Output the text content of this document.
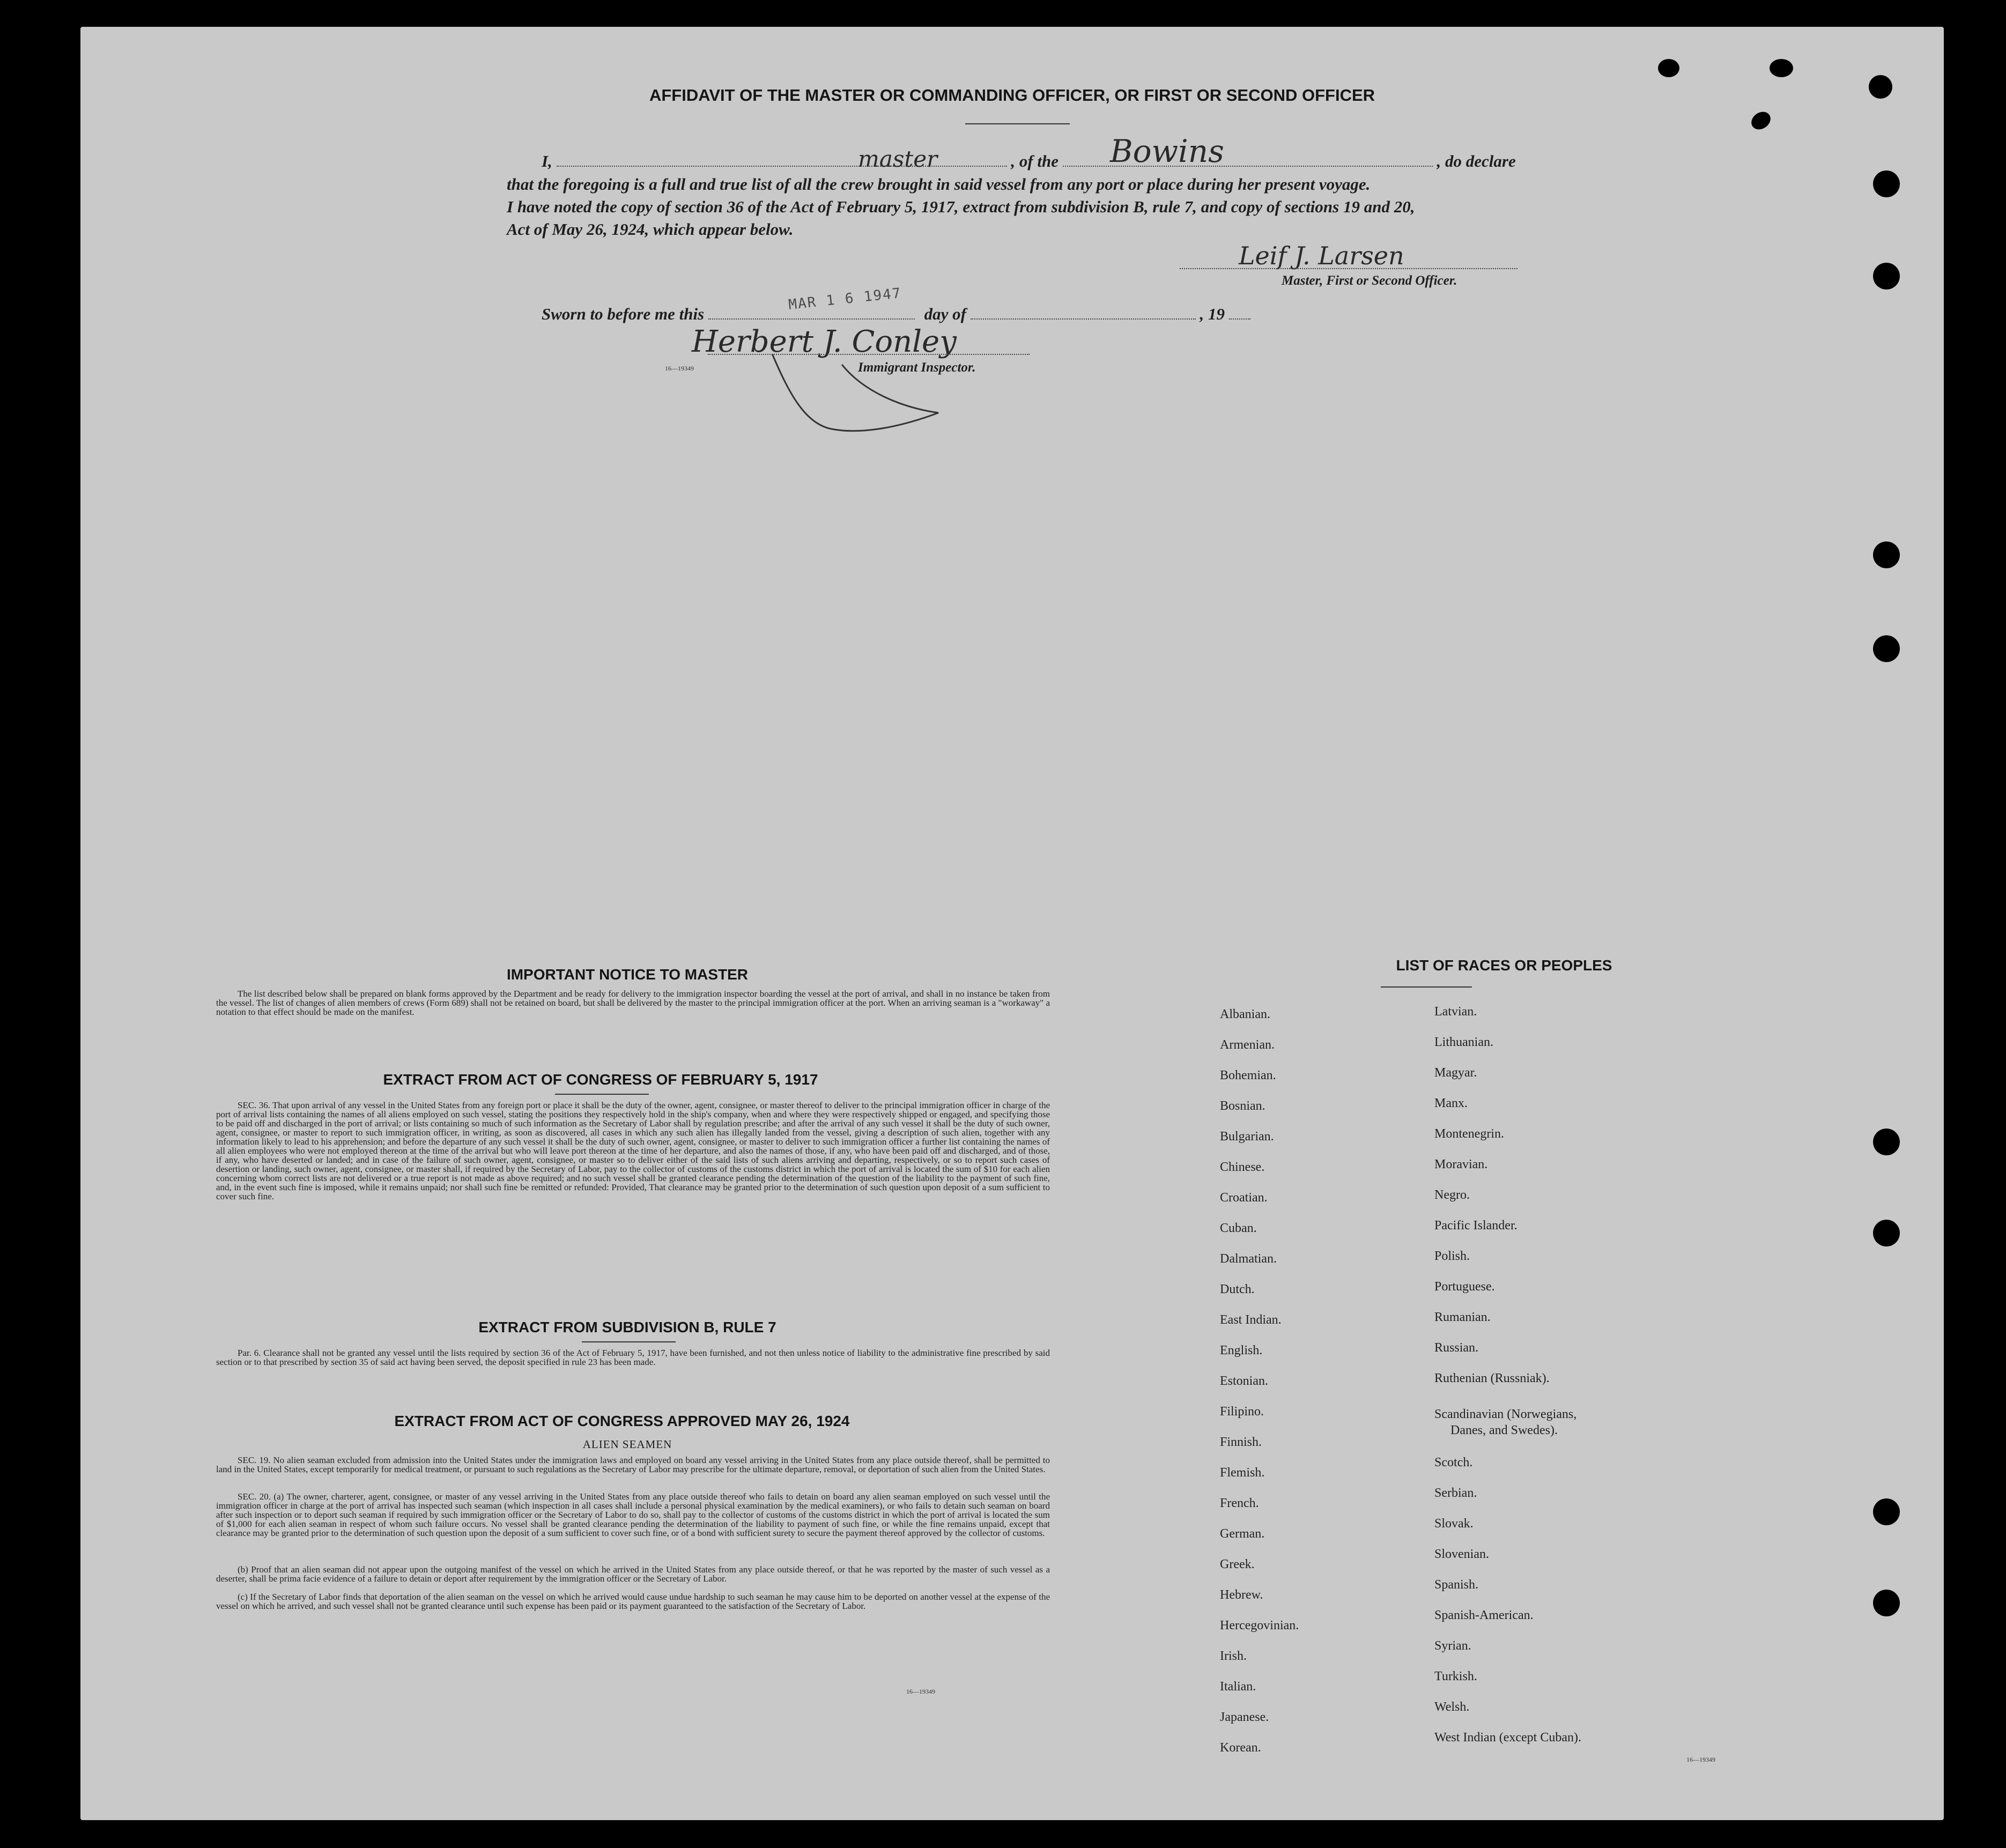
AFFIDAVIT OF THE MASTER OR COMMANDING OFFICER, OR FIRST OR SECOND OFFICER
I,	, of the	, do declare
master	Bowins
that the foregoing is a full and true list of all the crew brought in said vessel from any port or place during her present voyage.
I have noted the copy of section 36 of the Act of February 5, 1917, extract from subdivision B, rule 7, and copy of sections 19 and 20,
Act of May 26, 1924, which appear below.
Leif J. Larsen
Master, First or Second Officer.
Sworn to before me this	day of	, 19
MAR 1 6 1947
Herbert J. Conley
16—19349	Immigrant Inspector.
IMPORTANT NOTICE TO MASTER
The list described below shall be prepared on blank forms approved by the Department and be ready for delivery to the immigration inspector boarding the vessel at the port of arrival, and shall in no instance be taken from the vessel. The list of changes of alien members of crews (Form 689) shall not be retained on board, but shall be delivered by the master to the principal immigration officer at the port. When an arriving seaman is a "workaway" a notation to that effect should be made on the manifest.
EXTRACT FROM ACT OF CONGRESS OF FEBRUARY 5, 1917
SEC. 36. That upon arrival of any vessel in the United States from any foreign port or place it shall be the duty of the owner, agent, consignee, or master thereof to deliver to the principal immigration officer in charge of the port of arrival lists containing the names of all aliens employed on such vessel, stating the positions they respectively hold in the ship's company, when and where they were respectively shipped or engaged, and specifying those to be paid off and discharged in the port of arrival; or lists containing so much of such information as the Secretary of Labor shall by regulation prescribe; and after the arrival of any such vessel it shall be the duty of such owner, agent, consignee, or master to report to such immigration officer, in writing, as soon as discovered, all cases in which any such alien has illegally landed from the vessel, giving a description of such alien, together with any information likely to lead to his apprehension; and before the departure of any such vessel it shall be the duty of such owner, agent, consignee, or master to deliver to such immigration officer a further list containing the names of all alien employees who were not employed thereon at the time of the arrival but who will leave port thereon at the time of her departure, and also the names of those, if any, who have been paid off and discharged, and of those, if any, who have deserted or landed; and in case of the failure of such owner, agent, consignee, or master so to deliver either of the said lists of such aliens arriving and departing, respectively, or so to report such cases of desertion or landing, such owner, agent, consignee, or master shall, if required by the Secretary of Labor, pay to the collector of customs of the customs district in which the port of arrival is located the sum of $10 for each alien concerning whom correct lists are not delivered or a true report is not made as above required; and no such vessel shall be granted clearance pending the determination of the question of the liability to the payment of such fine, and, in the event such fine is imposed, while it remains unpaid; nor shall such fine be remitted or refunded: Provided, That clearance may be granted prior to the determination of such question upon deposit of a sum sufficient to cover such fine.
EXTRACT FROM SUBDIVISION B, RULE 7
Par. 6. Clearance shall not be granted any vessel until the lists required by section 36 of the Act of February 5, 1917, have been furnished, and not then unless notice of liability to the administrative fine prescribed by said section or to that prescribed by section 35 of said act having been served, the deposit specified in rule 23 has been made.
EXTRACT FROM ACT OF CONGRESS APPROVED MAY 26, 1924
ALIEN SEAMEN
SEC. 19. No alien seaman excluded from admission into the United States under the immigration laws and employed on board any vessel arriving in the United States from any place outside thereof, shall be permitted to land in the United States, except temporarily for medical treatment, or pursuant to such regulations as the Secretary of Labor may prescribe for the ultimate departure, removal, or deportation of such alien from the United States.
SEC. 20. (a) The owner, charterer, agent, consignee, or master of any vessel arriving in the United States from any place outside thereof who fails to detain on board any alien seaman employed on such vessel until the immigration officer in charge at the port of arrival has inspected such seaman (which inspection in all cases shall include a personal physical examination by the medical examiners), or who fails to detain such seaman on board after such inspection or to deport such seaman if required by such immigration officer or the Secretary of Labor to do so, shall pay to the collector of customs of the customs district in which the port of arrival is located the sum of $1,000 for each alien seaman in respect of whom such failure occurs. No vessel shall be granted clearance pending the determination of the liability to payment of such fine, or while the fine remains unpaid, except that clearance may be granted prior to the determination of such question upon the deposit of a sum sufficient to cover such fine, or of a bond with sufficient surety to secure the payment thereof approved by the collector of customs.
(b) Proof that an alien seaman did not appear upon the outgoing manifest of the vessel on which he arrived in the United States from any place outside thereof, or that he was reported by the master of such vessel as a deserter, shall be prima facie evidence of a failure to detain or deport after requirement by the immigration officer or the Secretary of Labor.
(c) If the Secretary of Labor finds that deportation of the alien seaman on the vessel on which he arrived would cause undue hardship to such seaman he may cause him to be deported on another vessel at the expense of the vessel on which he arrived, and such vessel shall not be granted clearance until such expense has been paid or its payment guaranteed to the satisfaction of the Secretary of Labor.
16—19349
LIST OF RACES OR PEOPLES
Albanian.
Armenian.
Bohemian.
Bosnian.
Bulgarian.
Chinese.
Croatian.
Cuban.
Dalmatian.
Dutch.
East Indian.
English.
Estonian.
Filipino.
Finnish.
Flemish.
French.
German.
Greek.
Hebrew.
Hercegovinian.
Irish.
Italian.
Japanese.
Korean.
Latvian.
Lithuanian.
Magyar.
Manx.
Montenegrin.
Moravian.
Negro.
Pacific Islander.
Polish.
Portuguese.
Rumanian.
Russian.
Ruthenian (Russniak).
Scandinavian (Norwegians,
Danes, and Swedes).
Scotch.
Serbian.
Slovak.
Slovenian.
Spanish.
Spanish-American.
Syrian.
Turkish.
Welsh.
West Indian (except Cuban).
16—19349
